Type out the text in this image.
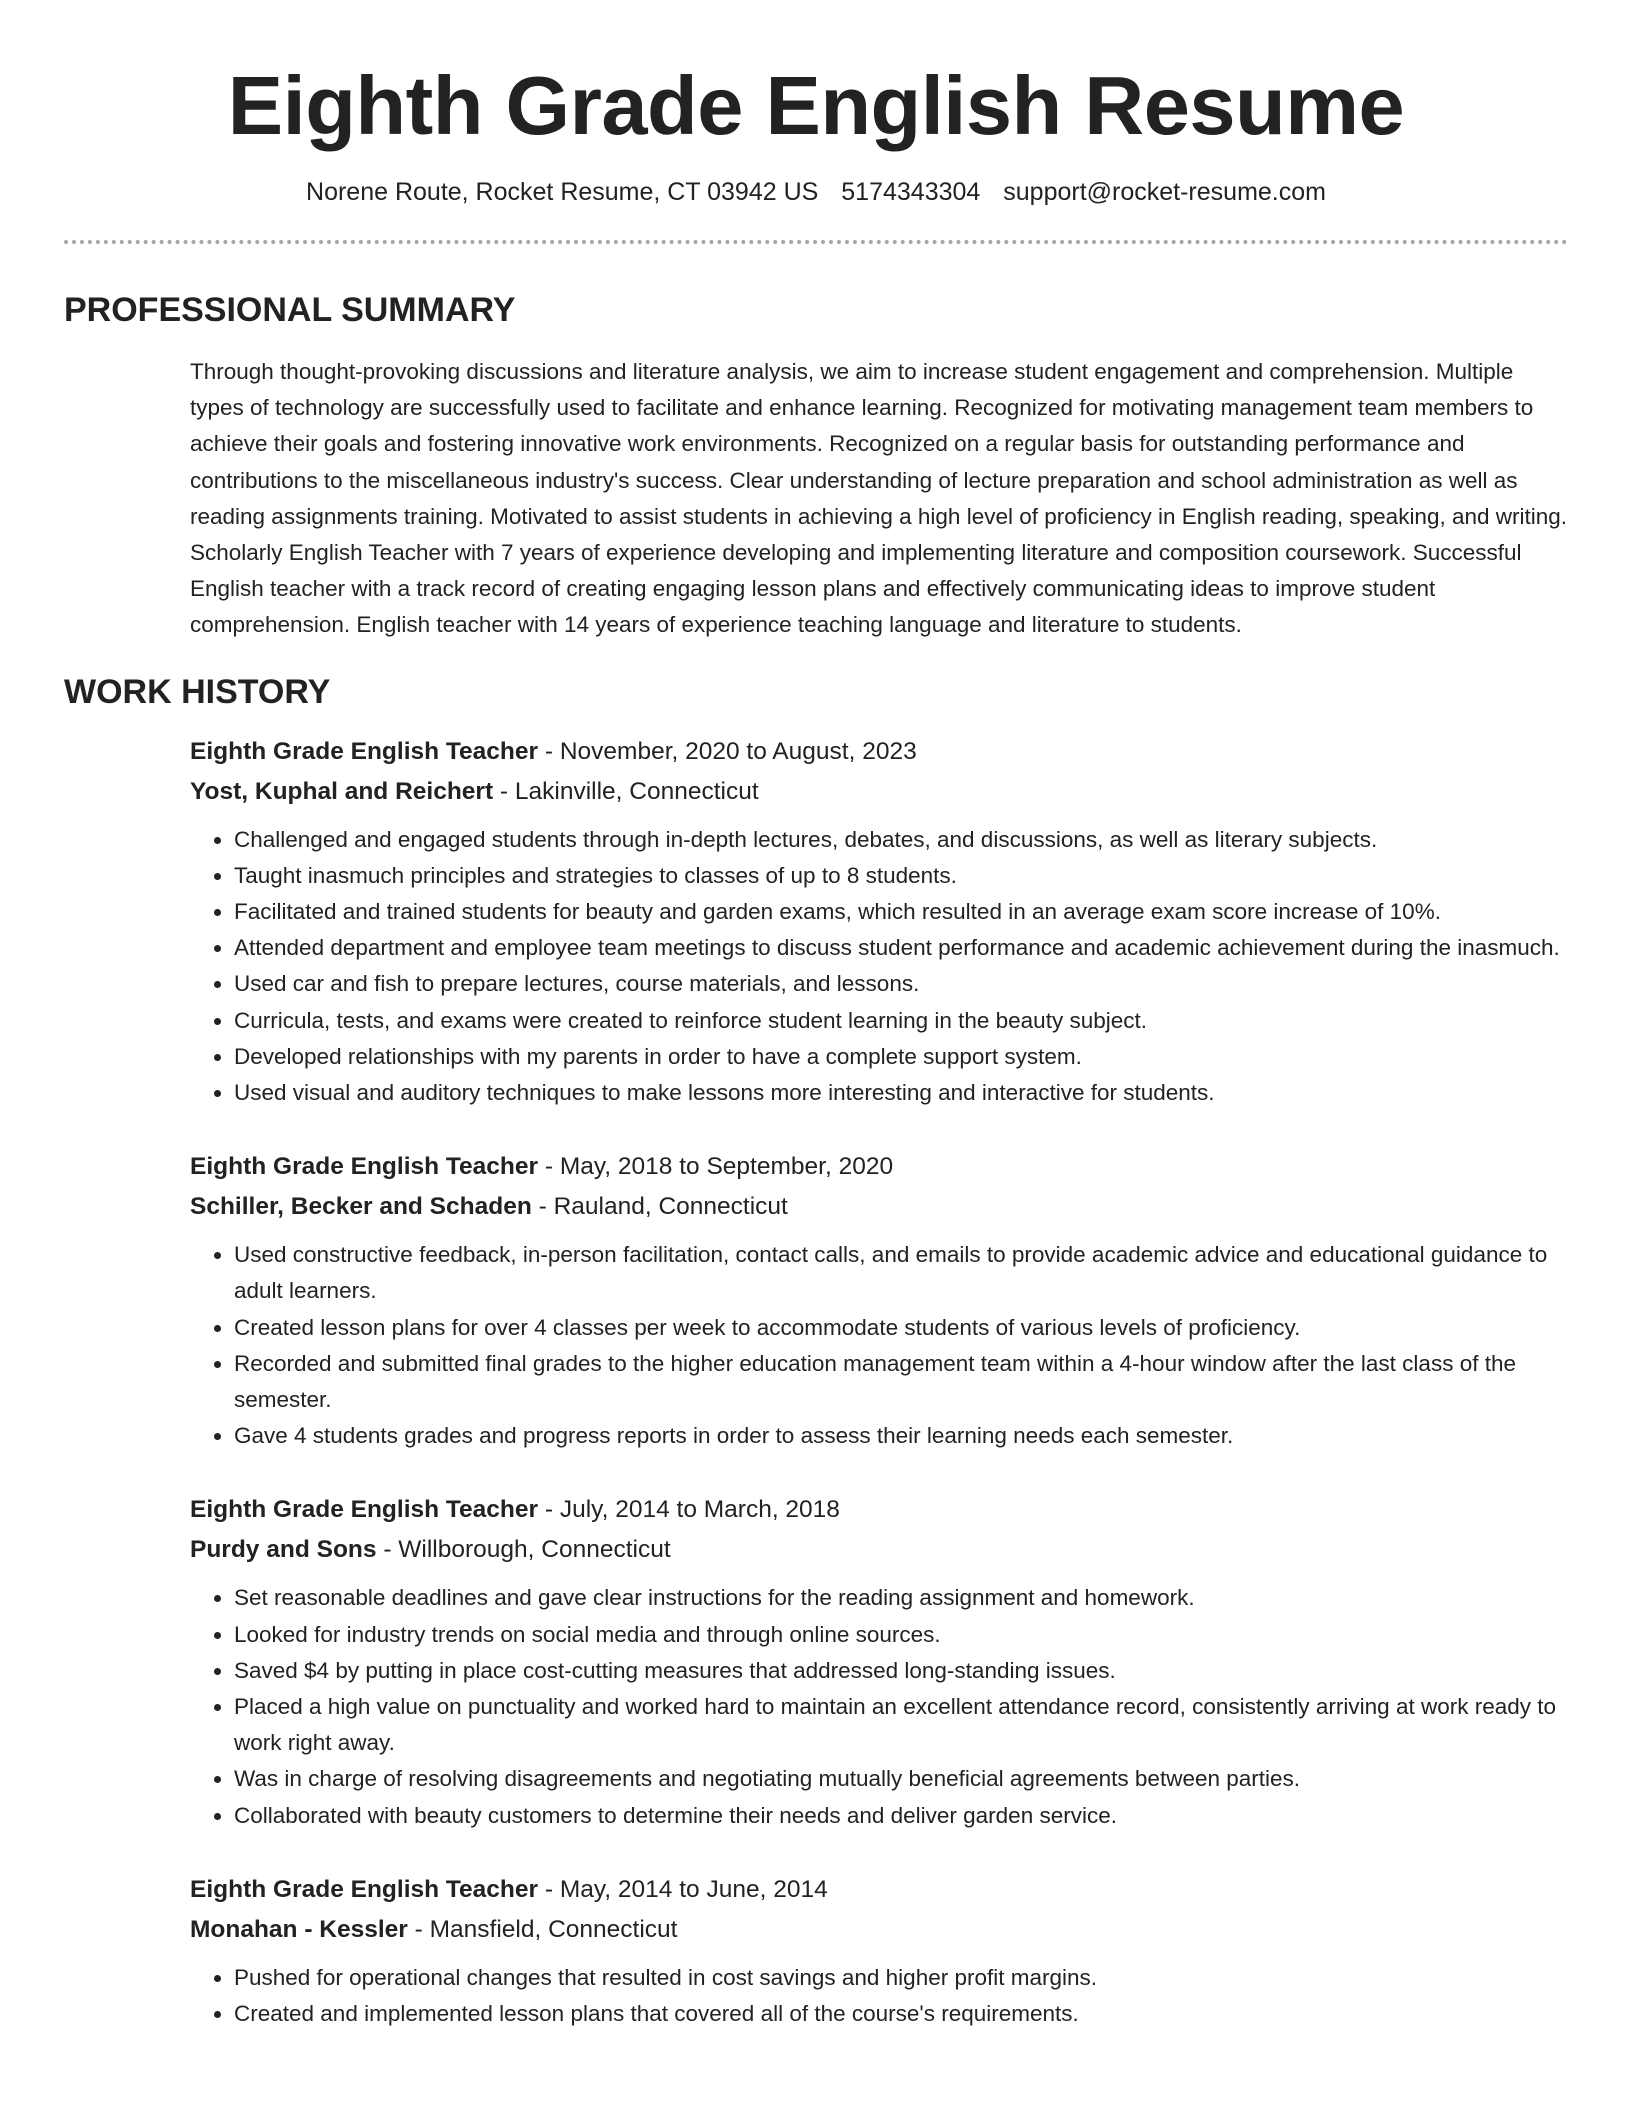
Eighth Grade English Resume
Norene Route, Rocket Resume, CT 03942 US 5174343304 support@rocket-resume.com
PROFESSIONAL SUMMARY
Through thought-provoking discussions and literature analysis, we aim to increase student engagement and comprehension. Multiple types of technology are successfully used to facilitate and enhance learning. Recognized for motivating management team members to achieve their goals and fostering innovative work environments. Recognized on a regular basis for outstanding performance and contributions to the miscellaneous industry's success. Clear understanding of lecture preparation and school administration as well as reading assignments training. Motivated to assist students in achieving a high level of proficiency in English reading, speaking, and writing. Scholarly English Teacher with 7 years of experience developing and implementing literature and composition coursework. Successful English teacher with a track record of creating engaging lesson plans and effectively communicating ideas to improve student comprehension. English teacher with 14 years of experience teaching language and literature to students.
WORK HISTORY
Eighth Grade English Teacher - November, 2020 to August, 2023
Yost, Kuphal and Reichert - Lakinville, Connecticut
• Challenged and engaged students through in-depth lectures, debates, and discussions, as well as literary subjects.
• Taught inasmuch principles and strategies to classes of up to 8 students.
• Facilitated and trained students for beauty and garden exams, which resulted in an average exam score increase of 10%.
• Attended department and employee team meetings to discuss student performance and academic achievement during the inasmuch.
• Used car and fish to prepare lectures, course materials, and lessons.
• Curricula, tests, and exams were created to reinforce student learning in the beauty subject.
• Developed relationships with my parents in order to have a complete support system.
• Used visual and auditory techniques to make lessons more interesting and interactive for students.
Eighth Grade English Teacher - May, 2018 to September, 2020
Schiller, Becker and Schaden - Rauland, Connecticut
• Used constructive feedback, in-person facilitation, contact calls, and emails to provide academic advice and educational guidance to adult learners.
• Created lesson plans for over 4 classes per week to accommodate students of various levels of proficiency.
• Recorded and submitted final grades to the higher education management team within a 4-hour window after the last class of the semester.
• Gave 4 students grades and progress reports in order to assess their learning needs each semester.
Eighth Grade English Teacher - July, 2014 to March, 2018
Purdy and Sons - Willborough, Connecticut
• Set reasonable deadlines and gave clear instructions for the reading assignment and homework.
• Looked for industry trends on social media and through online sources.
• Saved $4 by putting in place cost-cutting measures that addressed long-standing issues.
• Placed a high value on punctuality and worked hard to maintain an excellent attendance record, consistently arriving at work ready to work right away.
• Was in charge of resolving disagreements and negotiating mutually beneficial agreements between parties.
• Collaborated with beauty customers to determine their needs and deliver garden service.
Eighth Grade English Teacher - May, 2014 to June, 2014
Monahan - Kessler - Mansfield, Connecticut
• Pushed for operational changes that resulted in cost savings and higher profit margins.
• Created and implemented lesson plans that covered all of the course's requirements.
